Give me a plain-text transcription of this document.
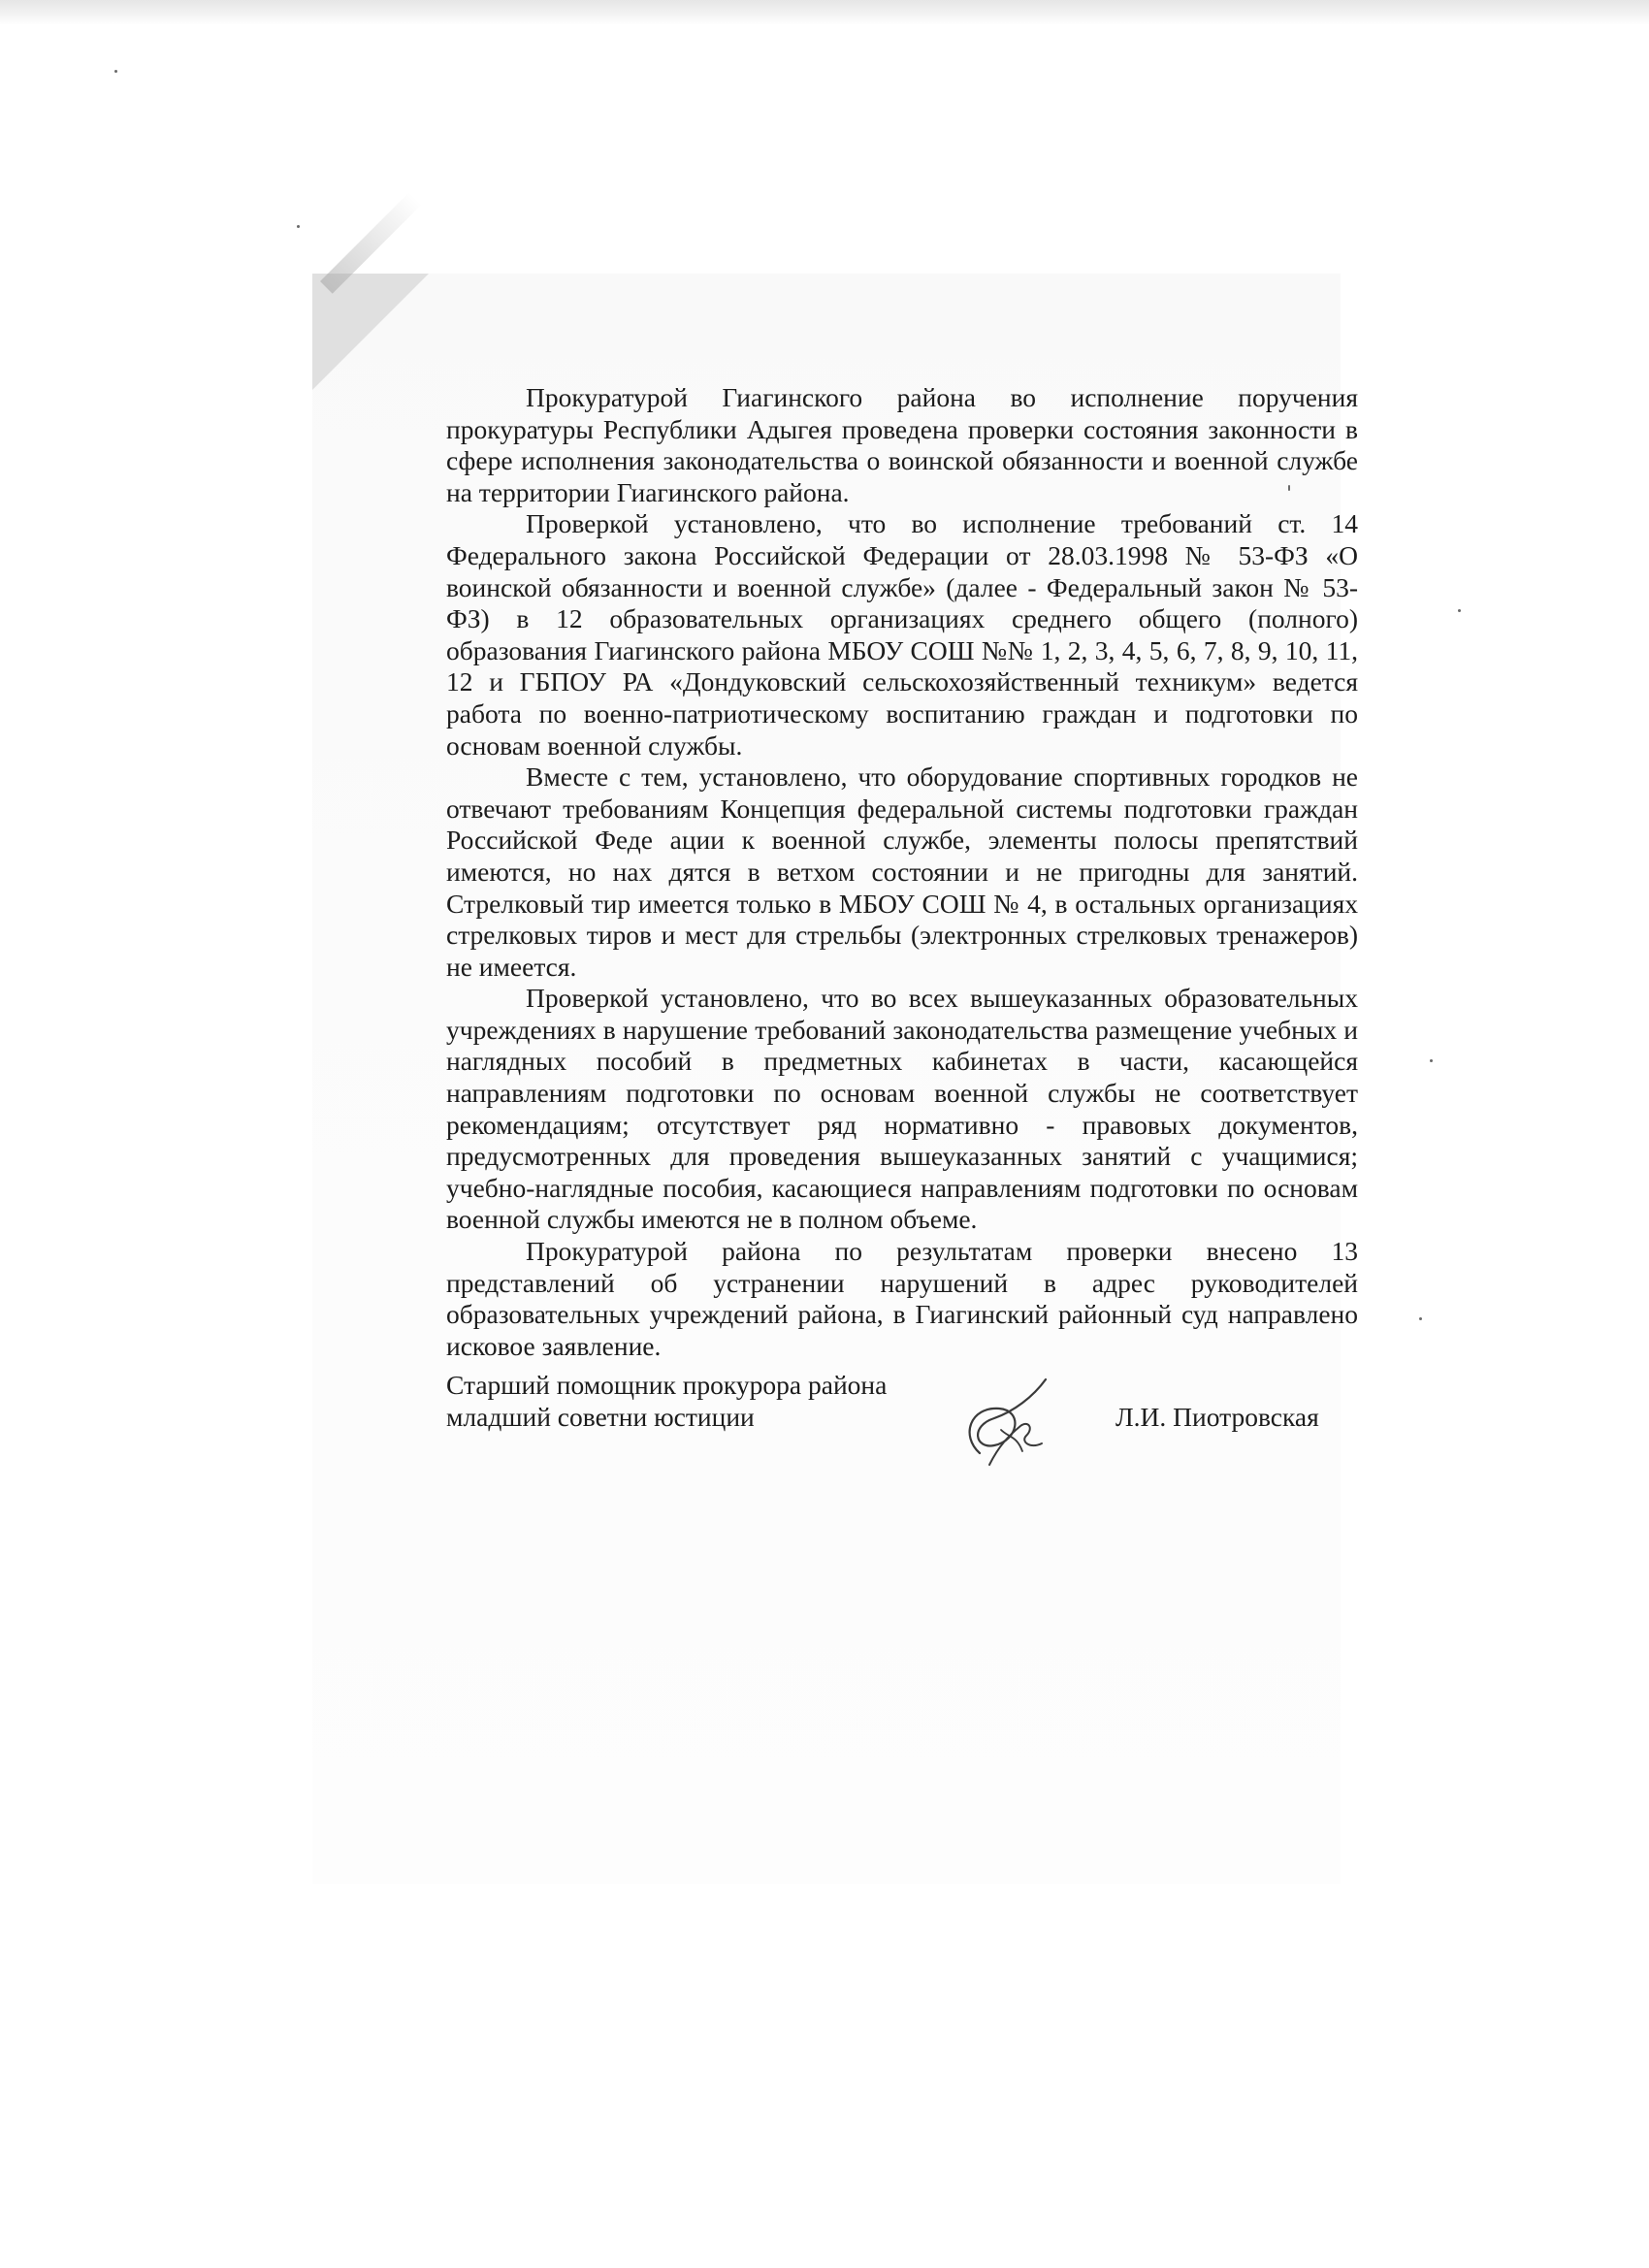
Прокуратурой Гиагинского района во исполнение поручения прокуратуры Республики Адыгея проведена проверки состояния законности в сфере исполнения законодательства о воинской обязанности и военной службе на территории Гиагинского района.

Проверкой установлено, что во исполнение требований ст. 14 Федерального закона Российской Федерации от 28.03.1998 № 53-ФЗ «О воинской обязанности и военной службе» (далее - Федеральный закон № 53-ФЗ) в 12 образовательных организациях среднего общего (полного) образования Гиагинского района МБОУ СОШ №№ 1, 2, 3, 4, 5, 6, 7, 8, 9, 10, 11, 12 и ГБПОУ РА «Дондуковский сельскохозяйственный техникум» ведется работа по военно-патриотическому воспитанию граждан и подготовки по основам военной службы.

Вместе с тем, установлено, что оборудование спортивных городков не отвечают требованиям Концепция федеральной системы подготовки граждан Российской Феде ации к военной службе, элементы полосы препятствий имеются, но нах дятся в ветхом состоянии и не пригодны для занятий. Стрелковый тир имеется только в МБОУ СОШ № 4, в остальных организациях стрелковых тиров и мест для стрельбы (электронных стрелковых тренажеров) не имеется.

Проверкой установлено, что во всех вышеуказанных образовательных учреждениях в нарушение требований законодательства размещение учебных и наглядных пособий в предметных кабинетах в части, касающейся направлениям подготовки по основам военной службы не соответствует рекомендациям; отсутствует ряд нормативно - правовых документов, предусмотренных для проведения вышеуказанных занятий с учащимися; учебно-наглядные пособия, касающиеся направлениям подготовки по основам военной службы имеются не в полном объеме.

Прокуратурой района по результатам проверки внесено 13 представлений об устранении нарушений в адрес руководителей образовательных учреждений района, в Гиагинский районный суд направлено исковое заявление.

Старший помощник прокурора района
младший советни юстиции	Л.И. Пиотровская
